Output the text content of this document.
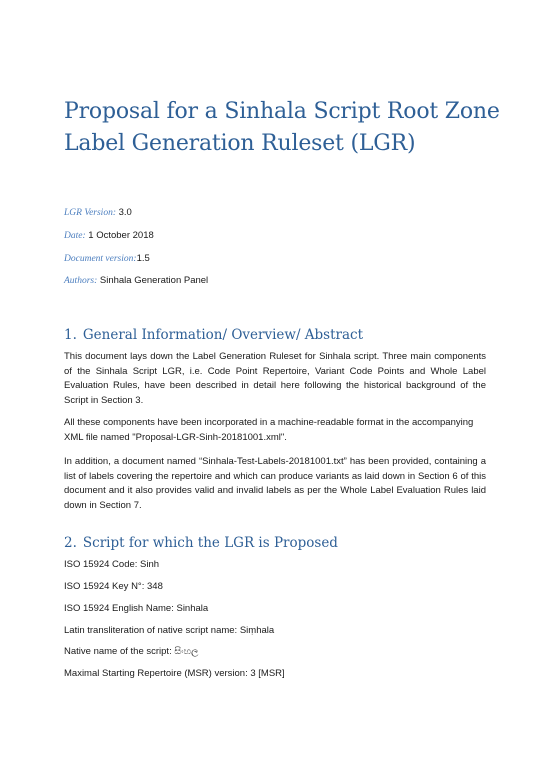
Proposal for a Sinhala Script Root Zone Label Generation Ruleset (LGR)

LGR Version: 3.0

Date: 1 October 2018

Document version:1.5

Authors: Sinhala Generation Panel

1. General Information/ Overview/ Abstract

This document lays down the Label Generation Ruleset for Sinhala script. Three main components of the Sinhala Script LGR, i.e. Code Point Repertoire, Variant Code Points and Whole Label Evaluation Rules, have been described in detail here following the historical background of the Script in Section 3.

All these components have been incorporated in a machine-readable format in the accompanying XML file named "Proposal-LGR-Sinh-20181001.xml".

In addition, a document named “Sinhala-Test-Labels-20181001.txt” has been provided, containing a list of labels covering the repertoire and which can produce variants as laid down in Section 6 of this document and it also provides valid and invalid labels as per the Whole Label Evaluation Rules laid down in Section 7.

2. Script for which the LGR is Proposed

ISO 15924 Code: Sinh

ISO 15924 Key N°: 348

ISO 15924 English Name: Sinhala

Latin transliteration of native script name: Siṃhala

Native name of the script: සිංහල

Maximal Starting Repertoire (MSR) version: 3 [MSR]
